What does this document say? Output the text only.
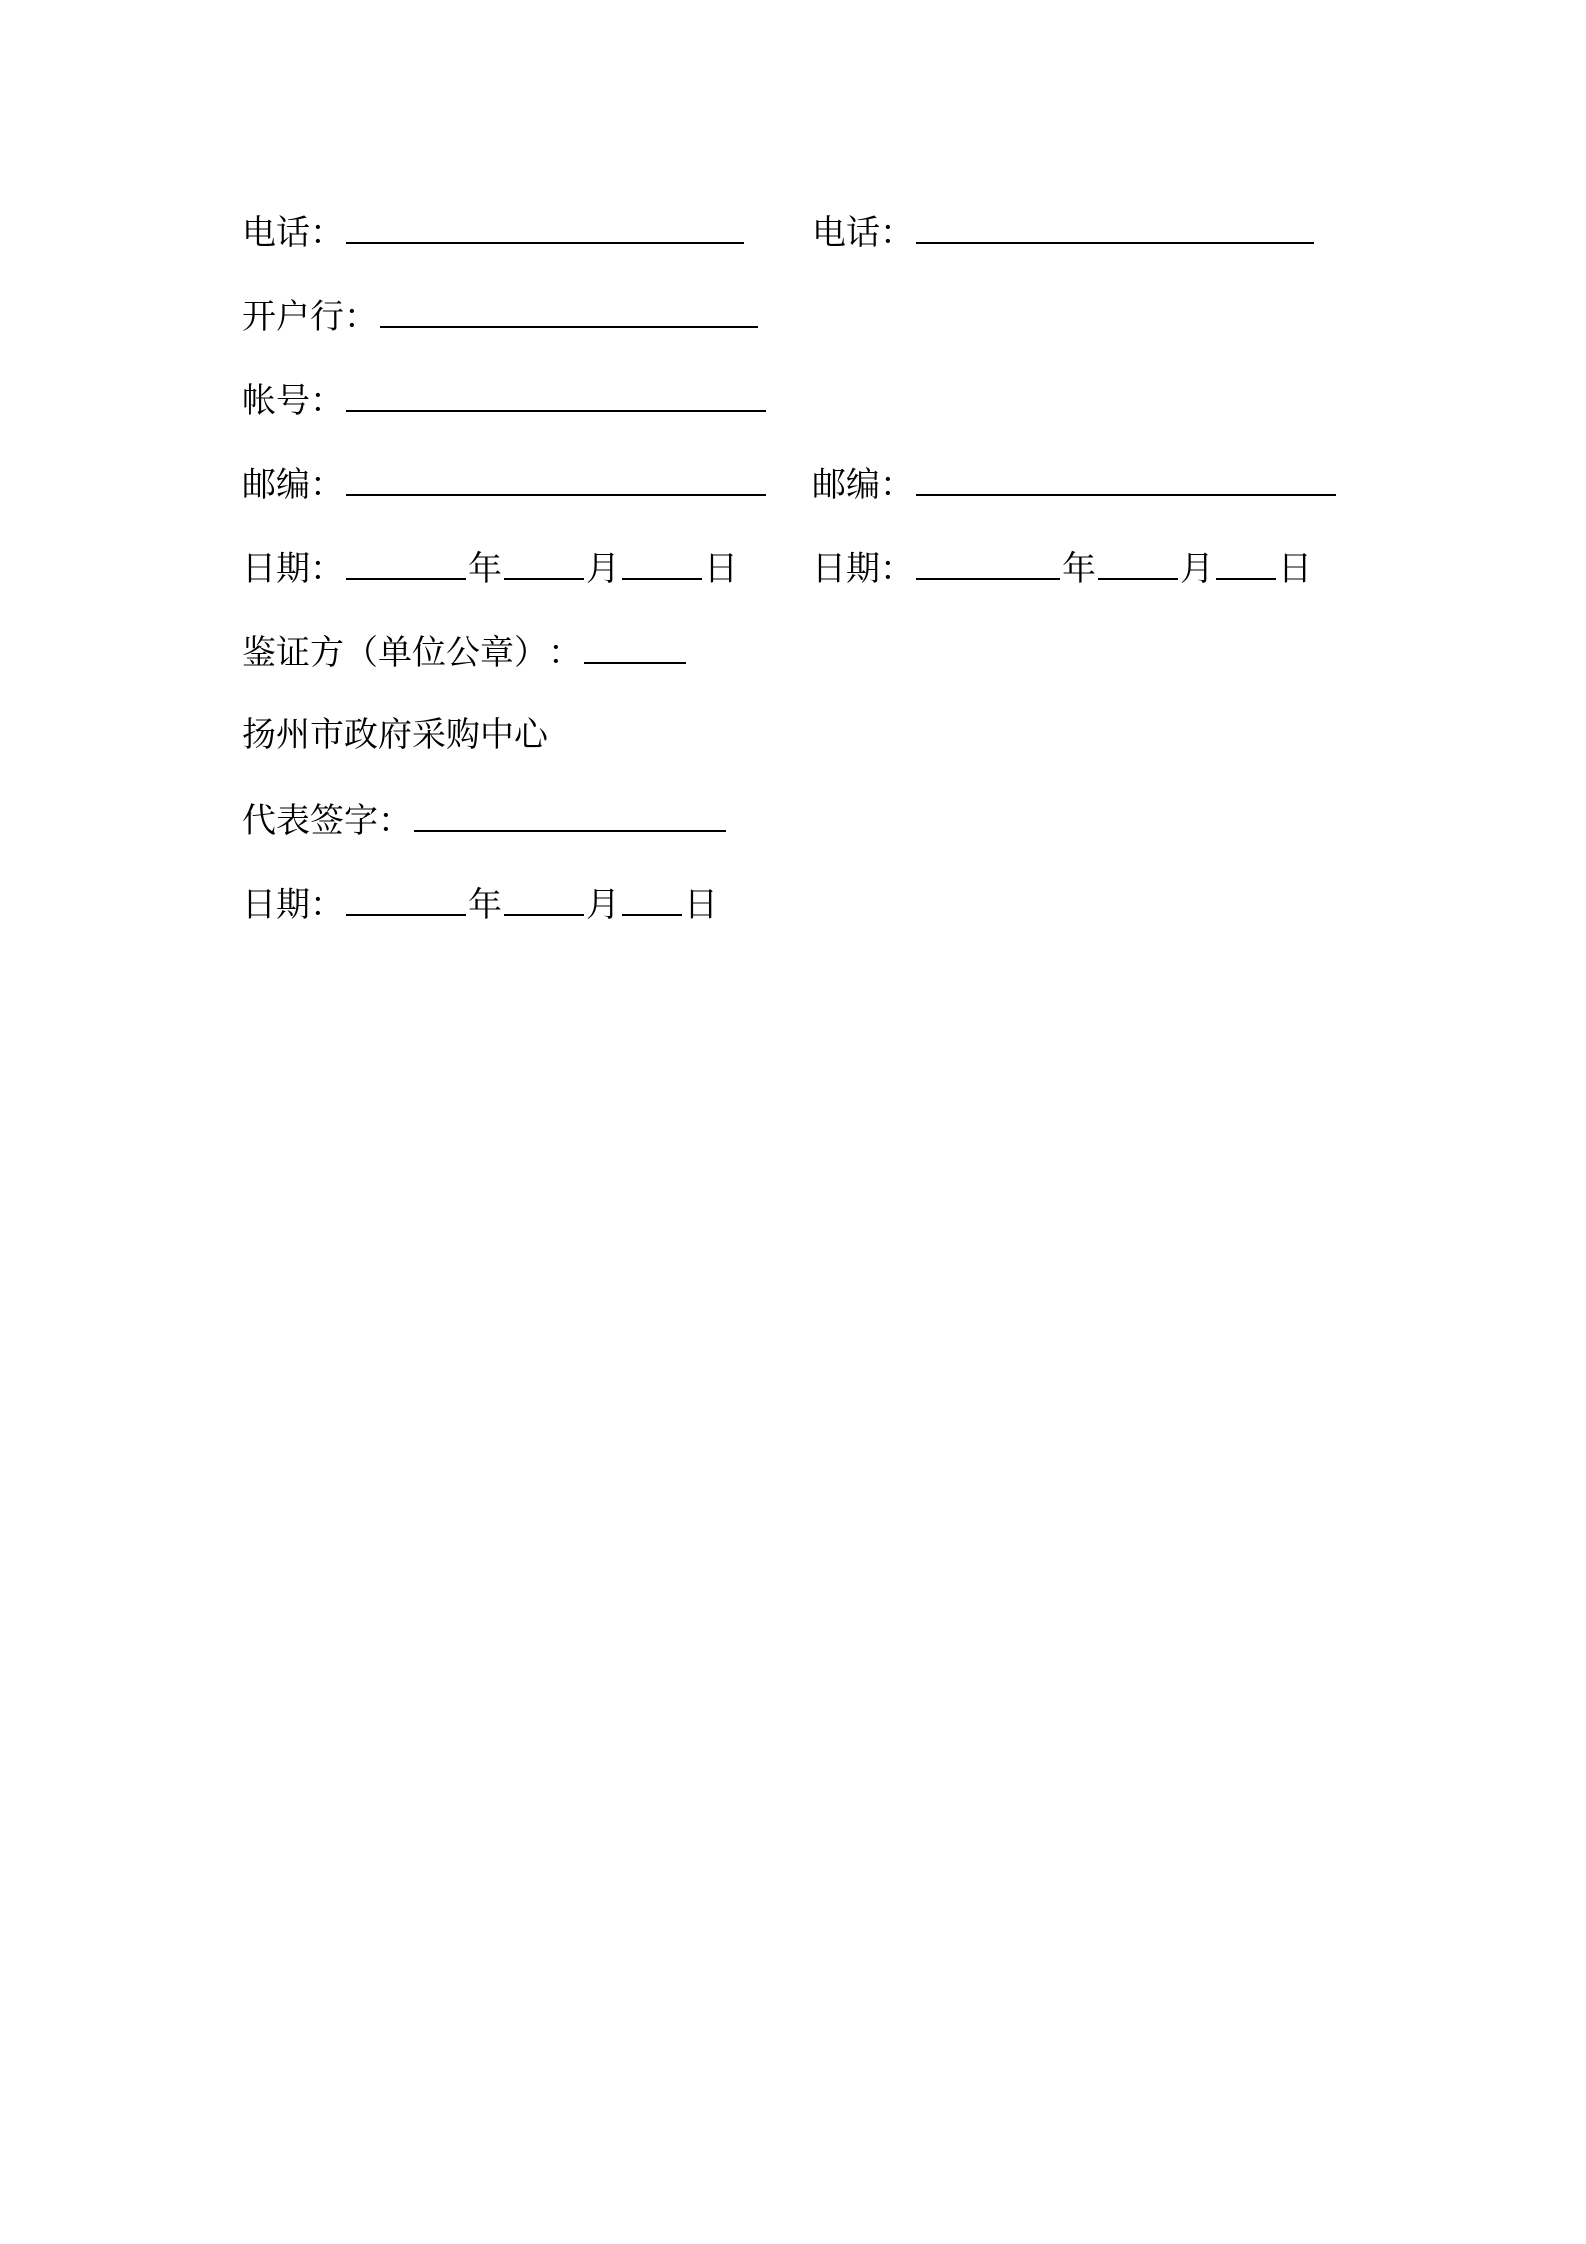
电话：	电话：
开户行：
帐号：
邮编：	邮编：
日期：	年 月 日 日期：	年 月 日
鉴证方（单位公章）：
扬州市政府采购中心
代表签字：
日期：	年 月 日
